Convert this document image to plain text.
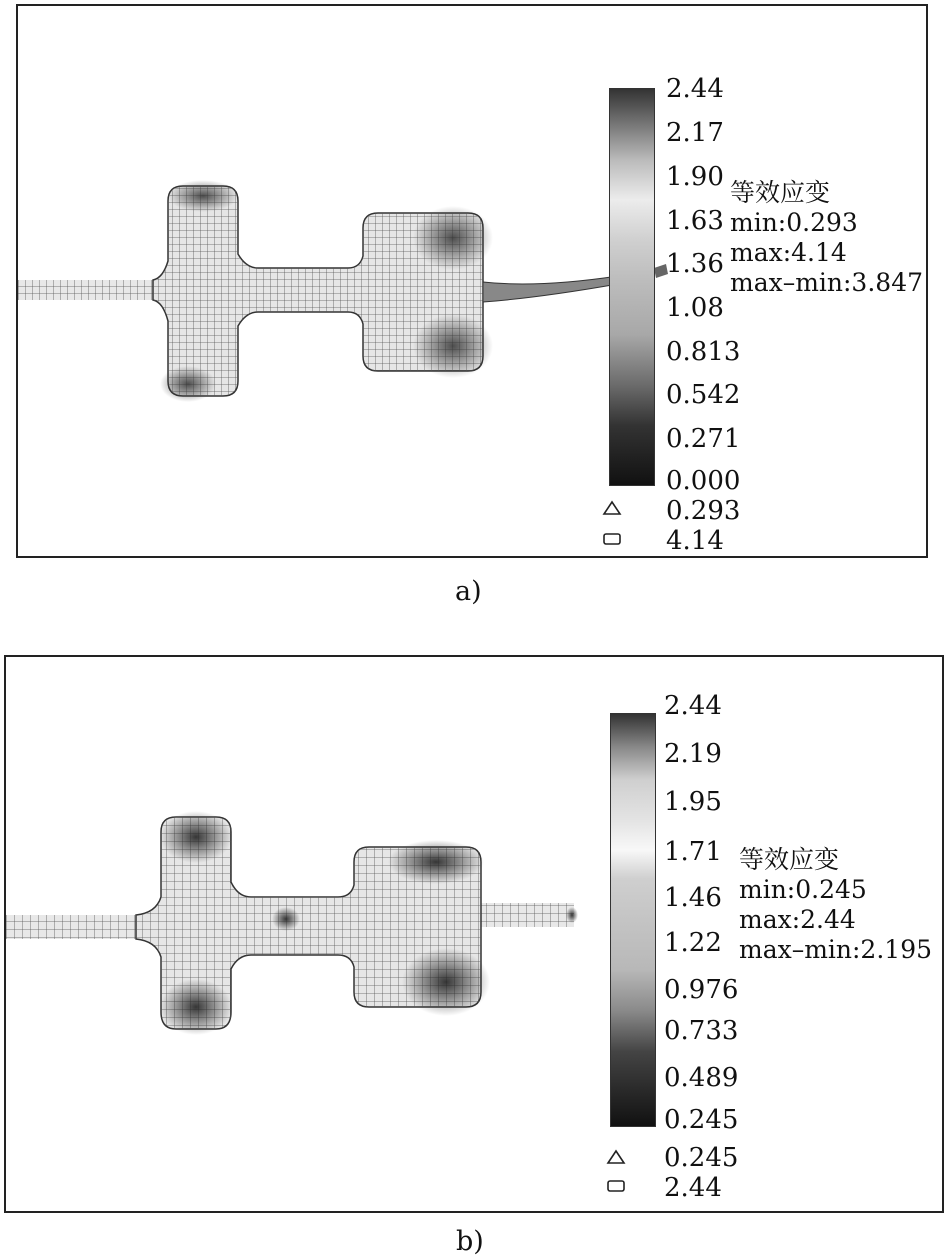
2.44
2.17
1.90
1.63
1.36
1.08
0.813
0.542
0.271
0.000
等效应变
min:0.293
max:4.14
max–min:3.847
0.293
4.14
a)
2.44
2.19
1.95
1.71
1.46
1.22
0.976
0.733
0.489
0.245
等效应变
min:0.245
max:2.44
max–min:2.195
0.245
2.44
b)
